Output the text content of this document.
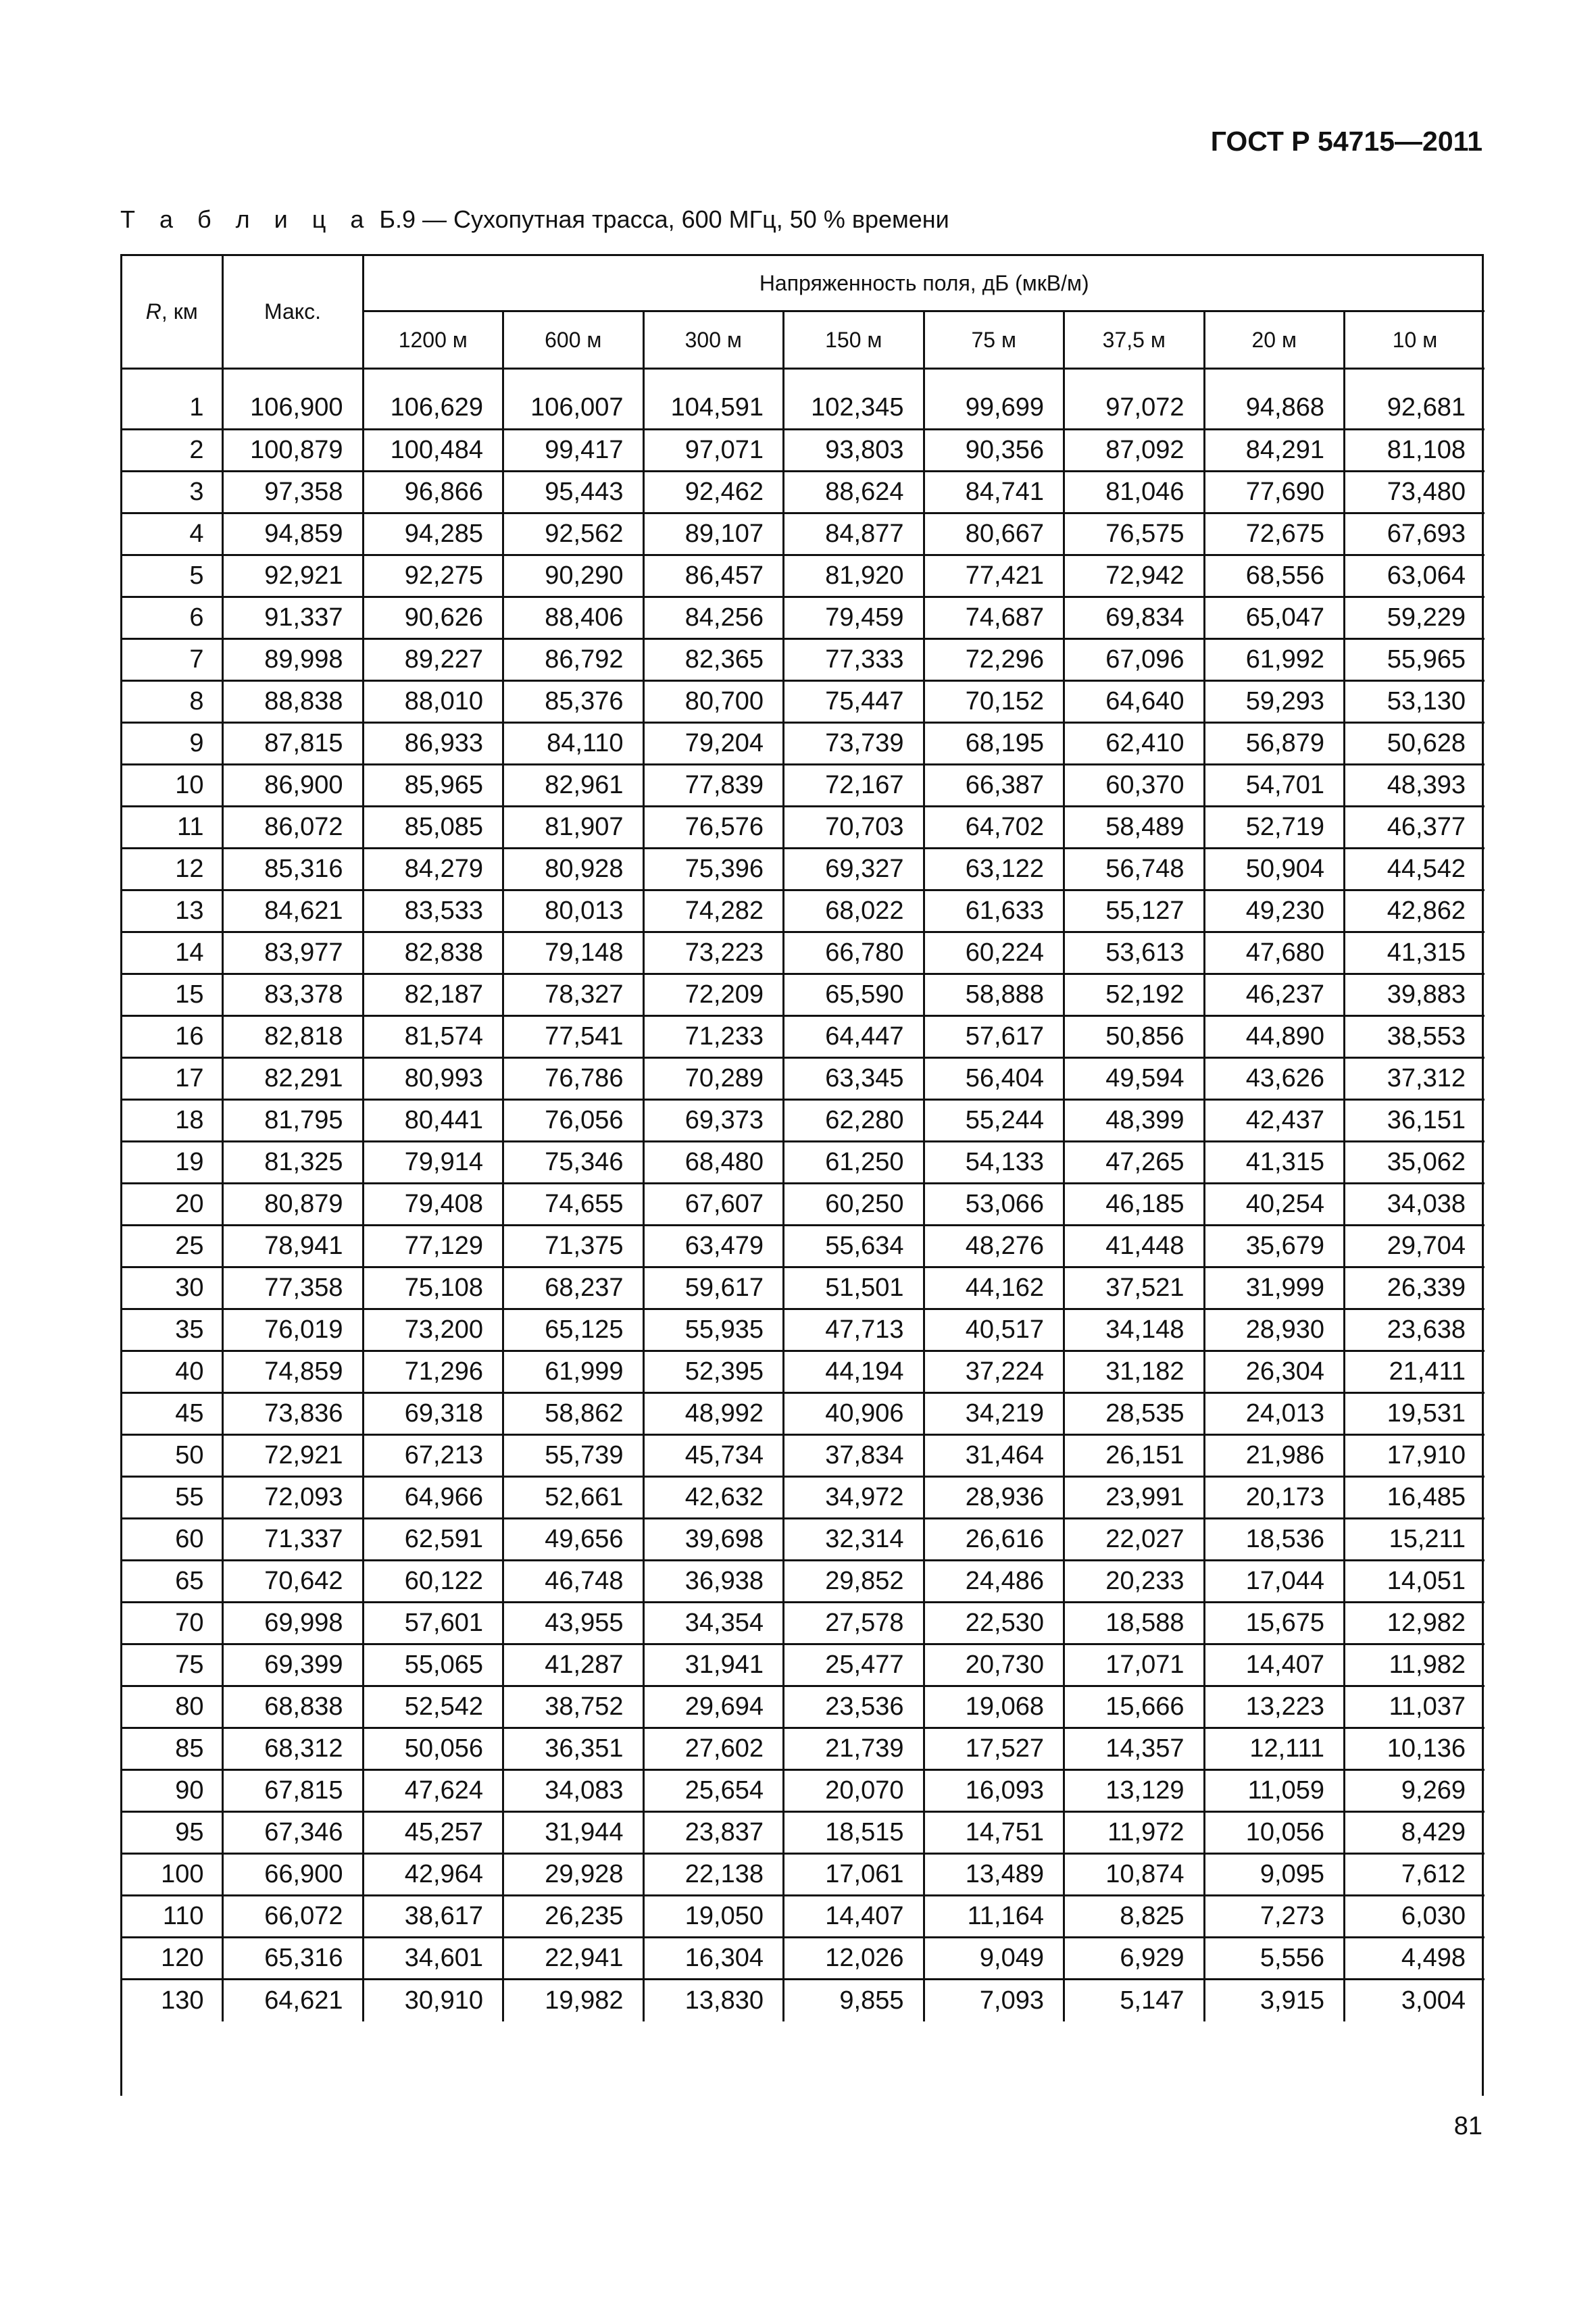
ГОСТ Р 54715—2011
Т а б л и ц а Б.9 — Сухопутная трасса, 600 МГц, 50 % времени
R, км	Макс.	Напряженность поля, дБ (мкВ/м)							
		1200 м	600 м	300 м	150 м	75 м	37,5 м	20 м	10 м

1	106,900	106,629	106,007	104,591	102,345	99,699	97,072	94,868	92,681
2	100,879	100,484	99,417	97,071	93,803	90,356	87,092	84,291	81,108
3	97,358	96,866	95,443	92,462	88,624	84,741	81,046	77,690	73,480
4	94,859	94,285	92,562	89,107	84,877	80,667	76,575	72,675	67,693
5	92,921	92,275	90,290	86,457	81,920	77,421	72,942	68,556	63,064
6	91,337	90,626	88,406	84,256	79,459	74,687	69,834	65,047	59,229
7	89,998	89,227	86,792	82,365	77,333	72,296	67,096	61,992	55,965
8	88,838	88,010	85,376	80,700	75,447	70,152	64,640	59,293	53,130
9	87,815	86,933	84,110	79,204	73,739	68,195	62,410	56,879	50,628
10	86,900	85,965	82,961	77,839	72,167	66,387	60,370	54,701	48,393
11	86,072	85,085	81,907	76,576	70,703	64,702	58,489	52,719	46,377
12	85,316	84,279	80,928	75,396	69,327	63,122	56,748	50,904	44,542
13	84,621	83,533	80,013	74,282	68,022	61,633	55,127	49,230	42,862
14	83,977	82,838	79,148	73,223	66,780	60,224	53,613	47,680	41,315
15	83,378	82,187	78,327	72,209	65,590	58,888	52,192	46,237	39,883
16	82,818	81,574	77,541	71,233	64,447	57,617	50,856	44,890	38,553
17	82,291	80,993	76,786	70,289	63,345	56,404	49,594	43,626	37,312
18	81,795	80,441	76,056	69,373	62,280	55,244	48,399	42,437	36,151
19	81,325	79,914	75,346	68,480	61,250	54,133	47,265	41,315	35,062
20	80,879	79,408	74,655	67,607	60,250	53,066	46,185	40,254	34,038
25	78,941	77,129	71,375	63,479	55,634	48,276	41,448	35,679	29,704
30	77,358	75,108	68,237	59,617	51,501	44,162	37,521	31,999	26,339
35	76,019	73,200	65,125	55,935	47,713	40,517	34,148	28,930	23,638
40	74,859	71,296	61,999	52,395	44,194	37,224	31,182	26,304	21,411
45	73,836	69,318	58,862	48,992	40,906	34,219	28,535	24,013	19,531
50	72,921	67,213	55,739	45,734	37,834	31,464	26,151	21,986	17,910
55	72,093	64,966	52,661	42,632	34,972	28,936	23,991	20,173	16,485
60	71,337	62,591	49,656	39,698	32,314	26,616	22,027	18,536	15,211
65	70,642	60,122	46,748	36,938	29,852	24,486	20,233	17,044	14,051
70	69,998	57,601	43,955	34,354	27,578	22,530	18,588	15,675	12,982
75	69,399	55,065	41,287	31,941	25,477	20,730	17,071	14,407	11,982
80	68,838	52,542	38,752	29,694	23,536	19,068	15,666	13,223	11,037
85	68,312	50,056	36,351	27,602	21,739	17,527	14,357	12,111	10,136
90	67,815	47,624	34,083	25,654	20,070	16,093	13,129	11,059	9,269
95	67,346	45,257	31,944	23,837	18,515	14,751	11,972	10,056	8,429
100	66,900	42,964	29,928	22,138	17,061	13,489	10,874	9,095	7,612
110	66,072	38,617	26,235	19,050	14,407	11,164	8,825	7,273	6,030
120	65,316	34,601	22,941	16,304	12,026	9,049	6,929	5,556	4,498
130	64,621	30,910	19,982	13,830	9,855	7,093	5,147	3,915	3,004
81
